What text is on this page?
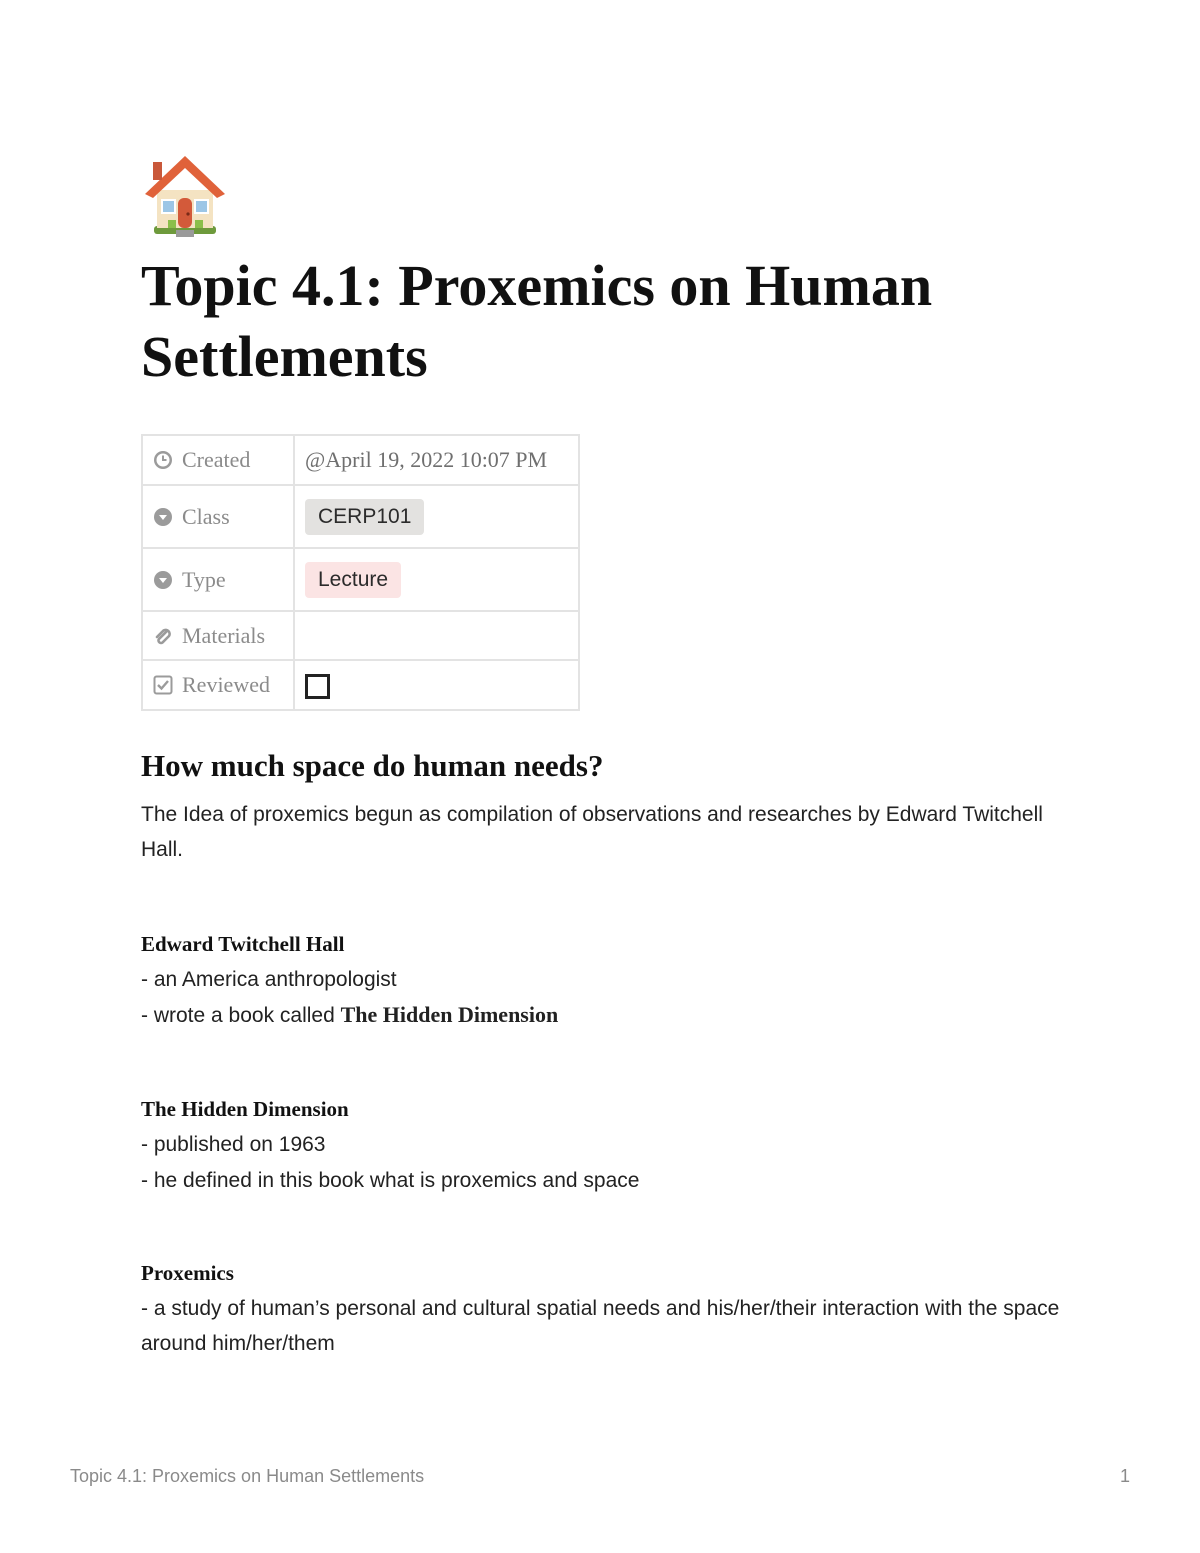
Topic 4.1: Proxemics on Human Settlements
Created	@April 19, 2022 10:07 PM
Class	CERP101
Type	Lecture
Materials	
Reviewed	
How much space do human needs?

The Idea of proxemics begun as compilation of observations and researches by Edward Twitchell Hall.

Edward Twitchell Hall

- an America anthropologist

- wrote a book called The Hidden Dimension

The Hidden Dimension

- published on 1963

- he defined in this book what is proxemics and space

Proxemics

- a study of human’s personal and cultural spatial needs and his/her/their interaction with the space around him/her/them

Topic 4.1: Proxemics on Human Settlements	1
